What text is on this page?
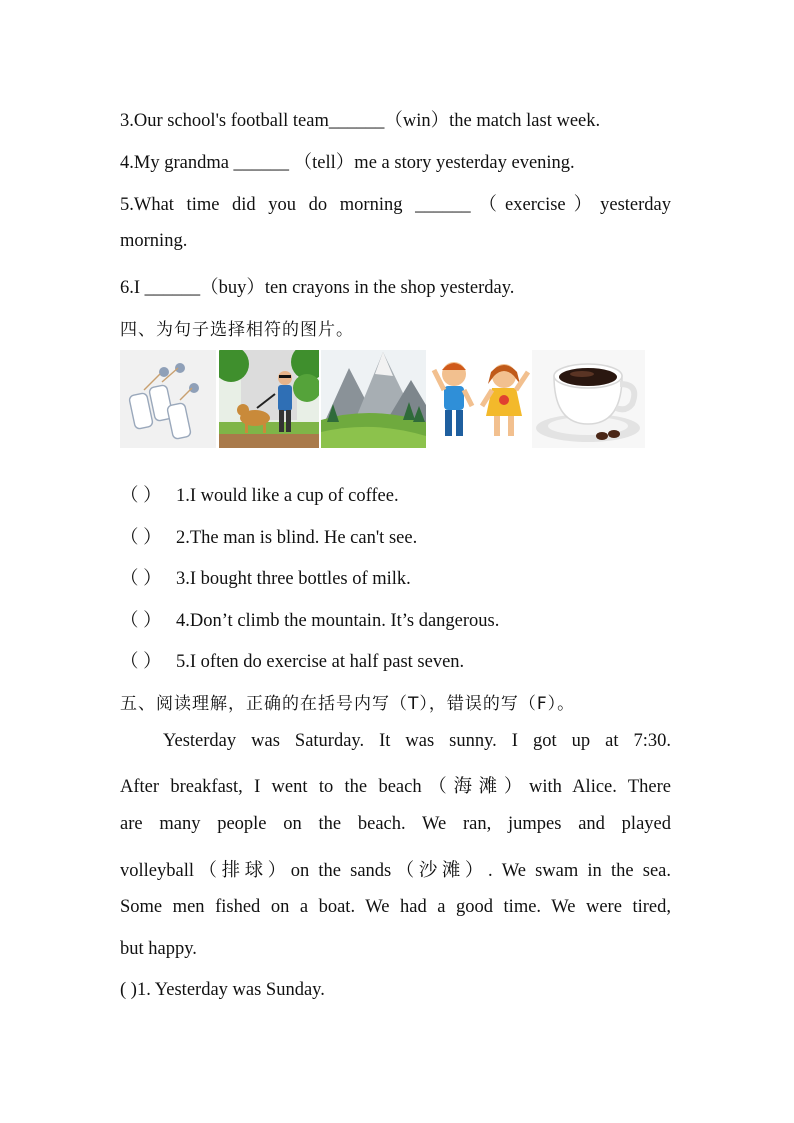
3.Our school's football team______（win）the match last week.
4.My grandma ______ （tell）me a story yesterday evening.
5.What time did you do morning ______（exercise）yesterday
morning.
6.I ______（buy）ten crayons in the shop yesterday.
四、为句子选择相符的图片。
（ ） 1.I would like a cup of coffee.
（ ） 2.The man is blind. He can't see.
（ ） 3.I bought three bottles of milk.
（ ） 4.Don’t climb the mountain. It’s dangerous.
（ ） 5.I often do exercise at half past seven.
五、阅读理解，正确的在括号内写（T），错误的写（F）。
Yesterday was Saturday. It was sunny. I got up at 7:30.
After breakfast, I went to the beach（海滩）with Alice. There
are many people on the beach. We ran, jumpes and played
volleyball（排球）on the sands（沙滩）. We swam in the sea.
Some men fished on a boat. We had a good time. We were tired,
but happy.
( )1. Yesterday was Sunday.
